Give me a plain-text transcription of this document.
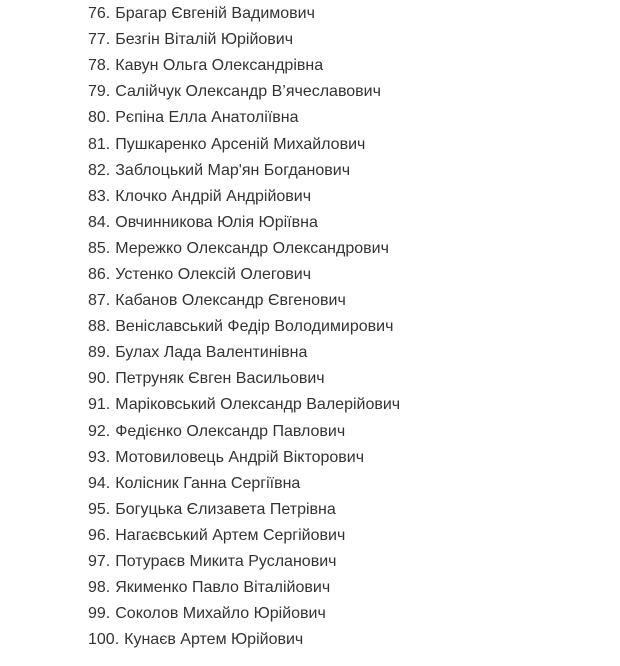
76. Брагар Євгеній Вадимович
77. Безгін Віталій Юрійович
78. Кавун Ольга Олександрівна
79. Салійчук Олександр В’ячеславович
80. Рєпіна Елла Анатоліївна
81. Пушкаренко Арсеній Михайлович
82. Заблоцький Мар'ян Богданович
83. Клочко Андрій Андрійович
84. Овчинникова Юлія Юріївна
85. Мережко Олександр Олександрович
86. Устенко Олексій Олегович
87. Кабанов Олександр Євгенович
88. Веніславський Федір Володимирович
89. Булах Лада Валентинівна
90. Петруняк Євген Васильович
91. Маріковський Олександр Валерійович
92. Федієнко Олександр Павлович
93. Мотовиловець Андрій Вікторович
94. Колісник Ганна Сергіївна
95. Богуцька Єлизавета Петрівна
96. Нагаєвський Артем Сергійович
97. Потураєв Микита Русланович
98. Якименко Павло Віталійович
99. Соколов Михайло Юрійович
100. Кунаєв Артем Юрійович
